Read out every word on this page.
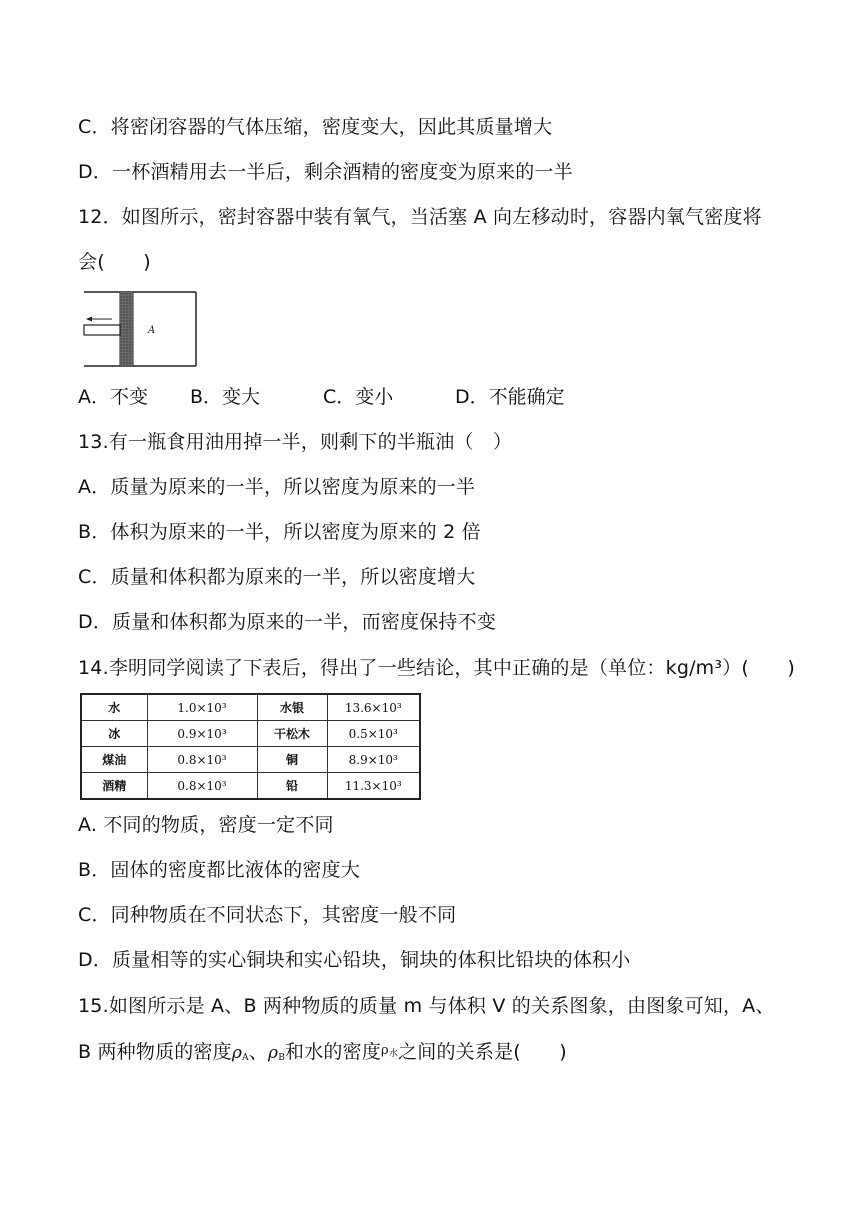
C．将密闭容器的气体压缩，密度变大，因此其质量增大
D．一杯酒精用去一半后，剩余酒精的密度变为原来的一半
12．如图所示，密封容器中装有氧气，当活塞 A 向左移动时，容器内氧气密度将
会(　　)
A
A．不变 B．变大	C．变小	D．不能确定
13.有一瓶食用油用掉一半，则剩下的半瓶油（　）
A．质量为原来的一半，所以密度为原来的一半
B．体积为原来的一半，所以密度为原来的 2 倍
C．质量和体积都为原来的一半，所以密度增大
D．质量和体积都为原来的一半，而密度保持不变
14.李明同学阅读了下表后，得出了一些结论，其中正确的是（单位：kg/m³）(　　)
水	1.0×10³	水银	13.6×10³
冰	0.9×10³	干松木	0.5×10³
煤油	0.8×10³	铜	8.9×10³
酒精	0.8×10³	铅	11.3×10³
A. 不同的物质，密度一定不同
B．固体的密度都比液体的密度大
C．同种物质在不同状态下，其密度一般不同
D．质量相等的实心铜块和实心铅块，铜块的体积比铅块的体积小
15.如图所示是 A、B 两种物质的质量 m 与体积 V 的关系图象，由图象可知，A、
B 两种物质的密度$\rho_A$、$\rho_B$和水的密度$^{\rho_水}$之间的关系是(　　)
